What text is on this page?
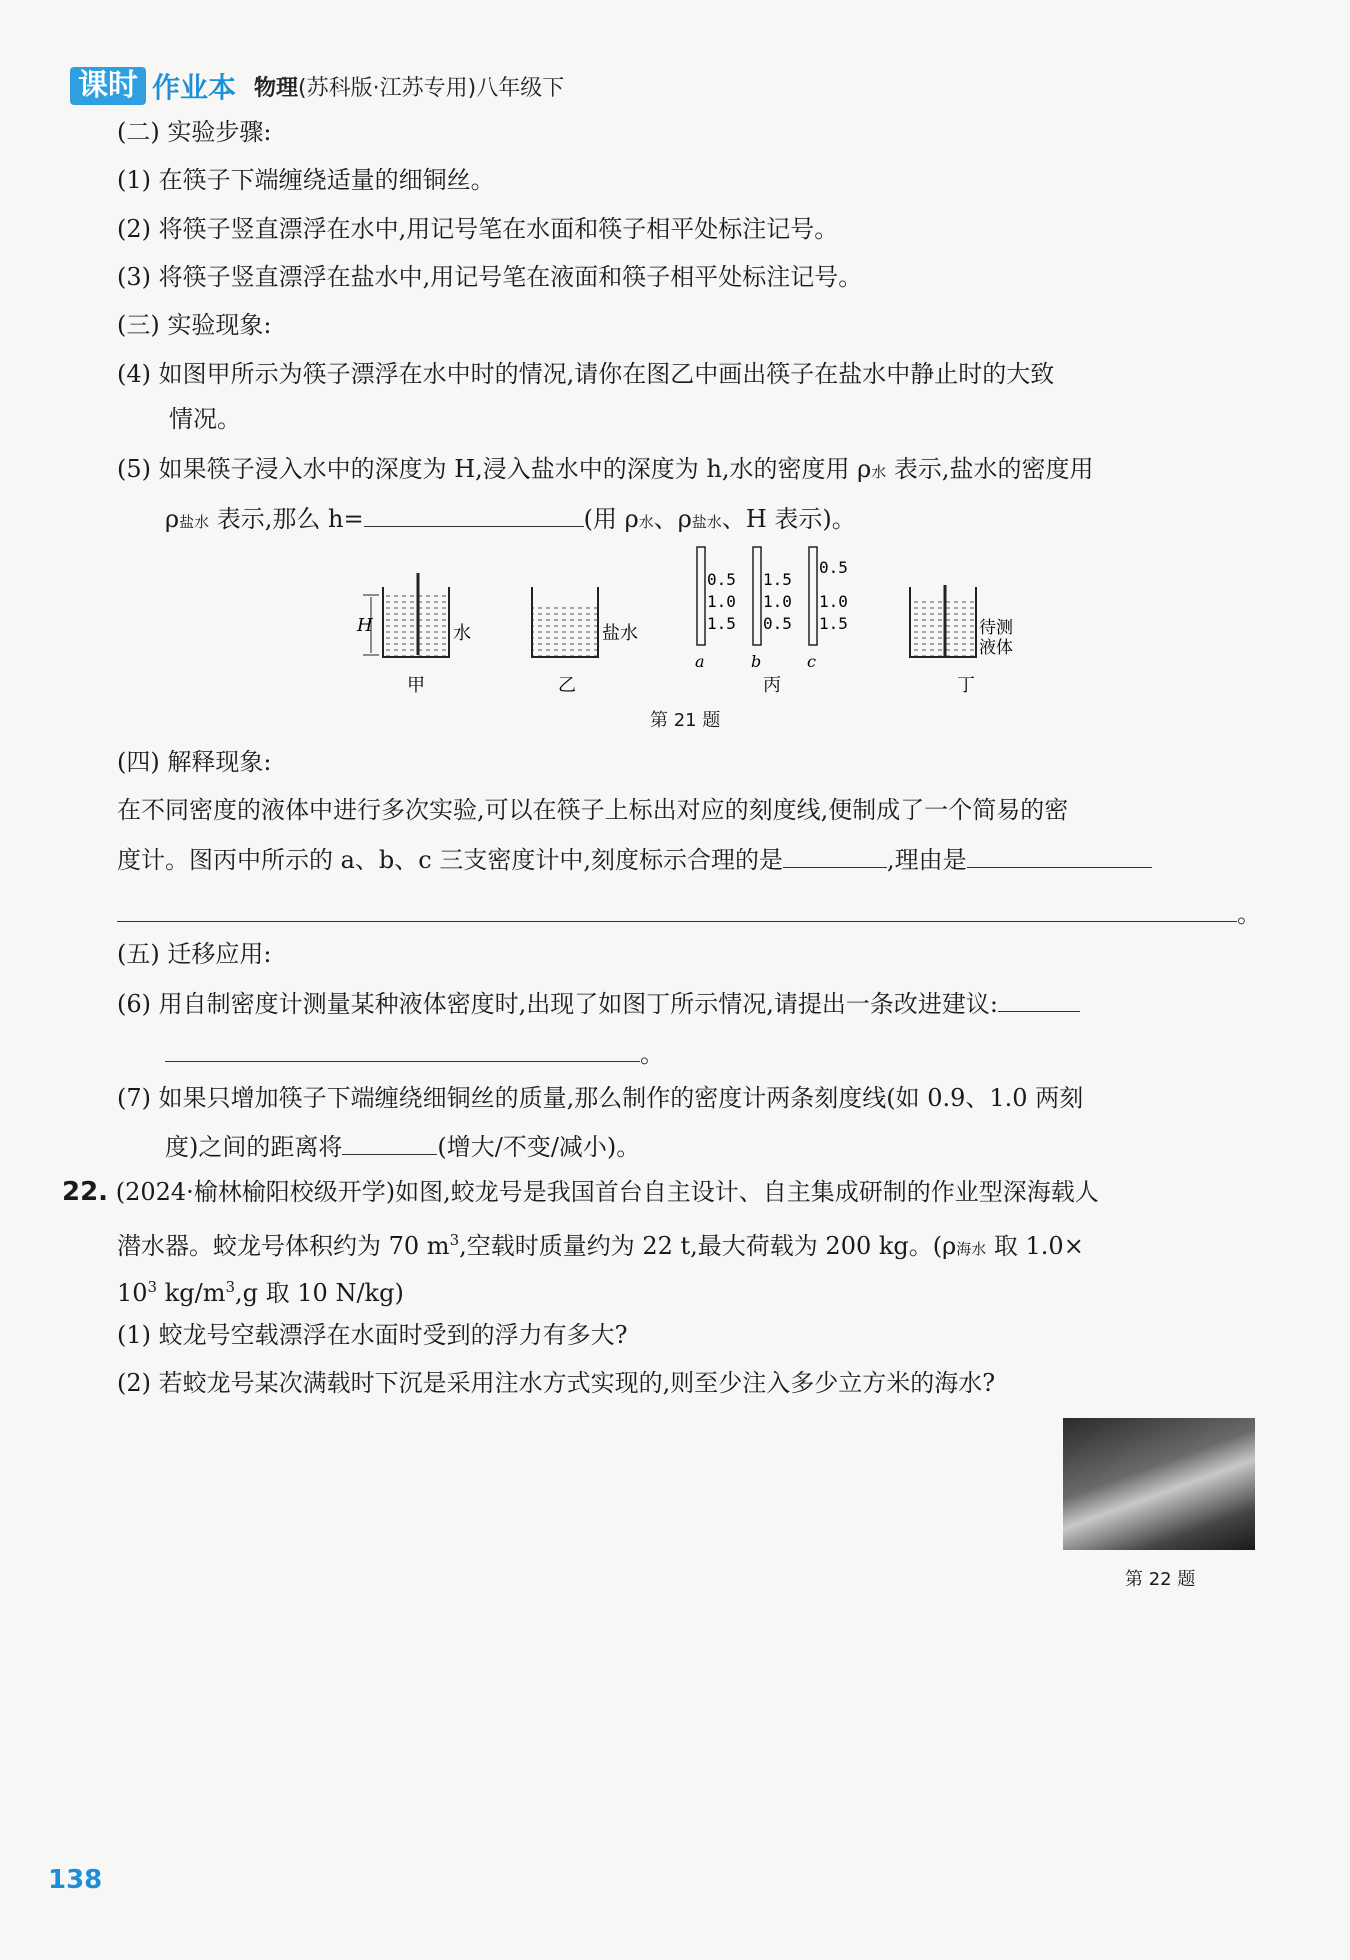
课时 作业本 物理(苏科版·江苏专用)八年级下
(二) 实验步骤:
(1) 在筷子下端缠绕适量的细铜丝。
(2) 将筷子竖直漂浮在水中,用记号笔在水面和筷子相平处标注记号。
(3) 将筷子竖直漂浮在盐水中,用记号笔在液面和筷子相平处标注记号。
(三) 实验现象:
(4) 如图甲所示为筷子漂浮在水中时的情况,请你在图乙中画出筷子在盐水中静止时的大致
情况。
(5) 如果筷子浸入水中的深度为 H,浸入盐水中的深度为 h,水的密度用 ρ水 表示,盐水的密度用
ρ盐水 表示,那么 h=	(用 ρ水、ρ盐水、H 表示)。
H	水
甲
盐水
乙
0.5
1.0
1.5
a
1.5
1.0
0.5
b
0.5
1.0
1.5
c
丙
待测
液体
丁
第 21 题
(四) 解释现象:
在不同密度的液体中进行多次实验,可以在筷子上标出对应的刻度线,便制成了一个简易的密
度计。图丙中所示的 a、b、c 三支密度计中,刻度标示合理的是	,理由是
。
(五) 迁移应用:
(6) 用自制密度计测量某种液体密度时,出现了如图丁所示情况,请提出一条改进建议:
。
(7) 如果只增加筷子下端缠绕细铜丝的质量,那么制作的密度计两条刻度线(如 0.9、1.0 两刻
度)之间的距离将	(增大/不变/减小)。
22. (2024·榆林榆阳校级开学)如图,蛟龙号是我国首台自主设计、自主集成研制的作业型深海载人
潜水器。蛟龙号体积约为 70 $m^3$,空载时质量约为 22 t,最大荷载为 200 kg。(ρ海水 取 1.0×
$10^3$ $kg/m^3,g$ 取 10 N/kg)
(1) 蛟龙号空载漂浮在水面时受到的浮力有多大?
(2) 若蛟龙号某次满载时下沉是采用注水方式实现的,则至少注入多少立方米的海水?
第 22 题
138
